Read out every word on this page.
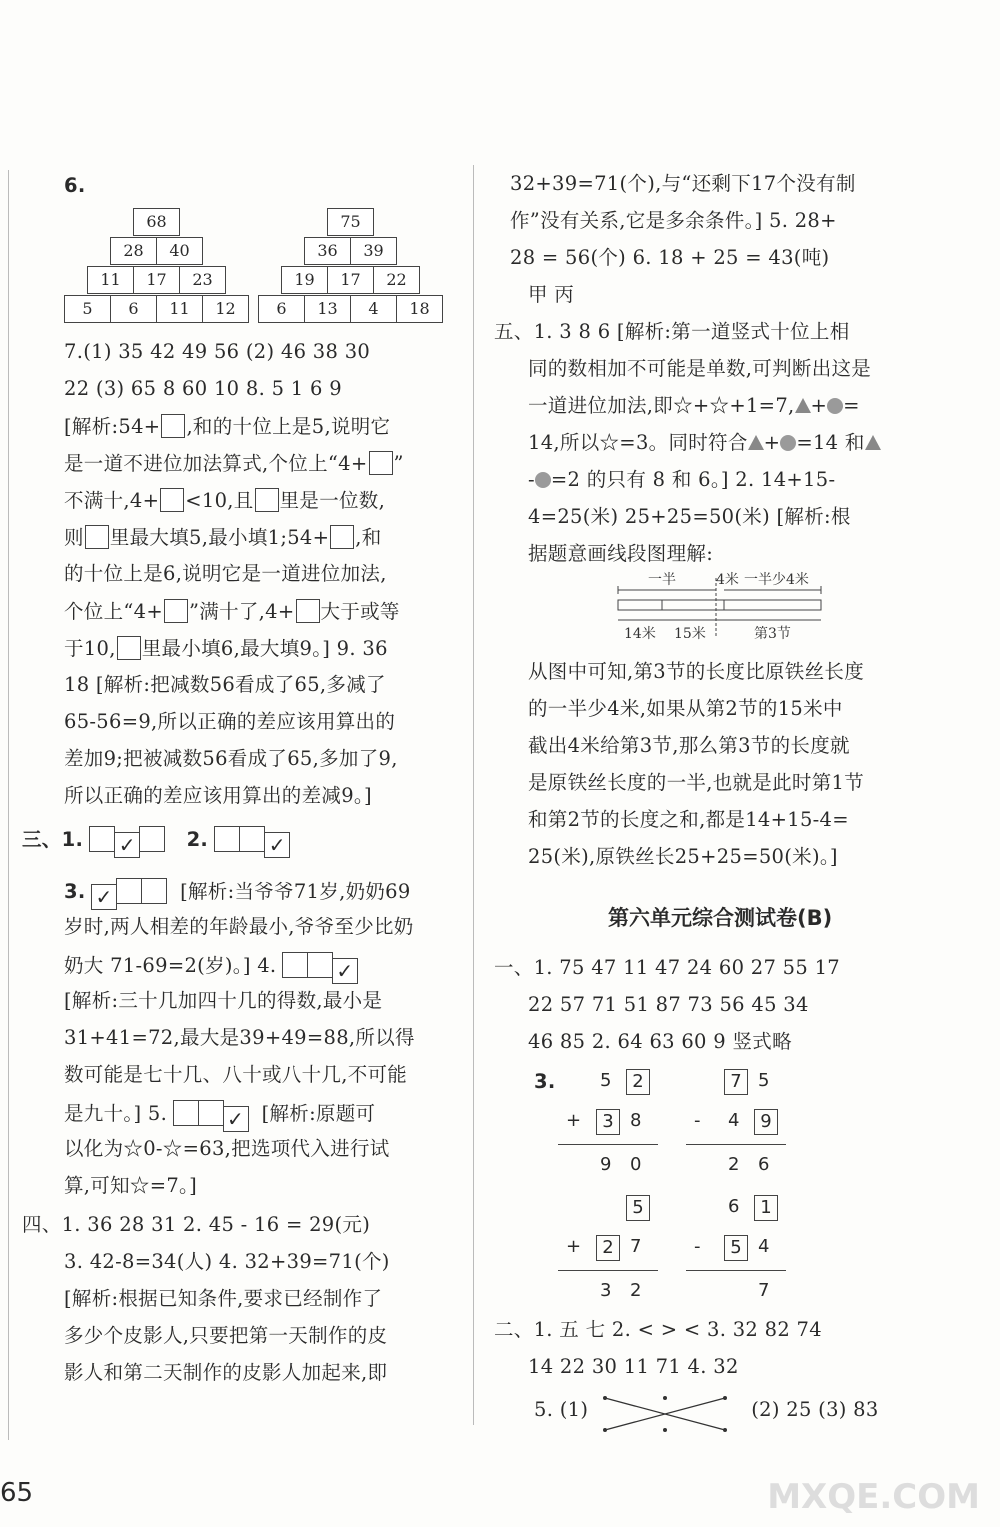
6.
68
28	40
11	17	23
5	6	11	12
75
36	39
19	17	22
6	13	4	18
7.(1) 35 42 49 56 (2) 46 38 30
22 (3) 65 8 60 10 8. 5 1 6 9
[解析:54+ ,和的十位上是5,说明它
是一道不进位加法算式,个位上“4+ ”
不满十,4+ <10,且 里是一位数,
则 里最大填5,最小填1;54+ ,和
的十位上是6,说明它是一道进位加法,
个位上“4+ ”满十了,4+ 大于或等
于10, 里最小填6,最大填9。] 9. 36
18 [解析:把减数56看成了65,多减了
65-56=9,所以正确的差应该用算出的
差加9;把被减数56看成了65,多加了9,
所以正确的差应该用算出的差减9。]
三、1. ✓	2.	✓
3. ✓	[解析:当爷爷71岁,奶奶69
岁时,两人相差的年龄最小,爷爷至少比奶
奶大 71-69=2(岁)。] 4.	✓
[解析:三十几加四十几的得数,最小是
31+41=72,最大是39+49=88,所以得
数可能是七十几、八十或八十几,不可能
是九十。] 5.	✓ [解析:原题可
以化为☆0-☆=63,把选项代入进行试
算,可知☆=7。]
四、1. 36 28 31 2. 45 - 16 = 29(元)
3. 42-8=34(人) 4. 32+39=71(个)
[解析:根据已知条件,要求已经制作了
多少个皮影人,只要把第一天制作的皮
影人和第二天制作的皮影人加起来,即
32+39=71(个),与“还剩下17个没有制
作”没有关系,它是多余条件。] 5. 28+
28 = 56(个) 6. 18 + 25 = 43(吨)
甲 丙
五、1. 3 8 6 [解析:第一道竖式十位上相
同的数相加不可能是单数,可判断出这是
一道进位加法,即☆+☆+1=7, + =
14,所以☆=3。同时符合 + =14 和
- =2 的只有 8 和 6。] 2. 14+15-
4=25(米) 25+25=50(米) [解析:根
据题意画线段图理解:
一半	4米 一半少4米
14米 15米	第3节
从图中可知,第3节的长度比原铁丝长度
的一半少4米,如果从第2节的15米中
截出4米给第3节,那么第3节的长度就
是原铁丝长度的一半,也就是此时第1节
和第2节的长度之和,都是14+15-4=
25(米),原铁丝长25+25=50(米)。]
第六单元综合测试卷(B)
一、1. 75 47 11 47 24 60 27 55 17
22 57 71 51 87 73 56 45 34
46 85 2. 64 63 60 9 竖式略
3. 5	2
+	3 8
9 0
7 5
- 4	9
2 6
5
+	2 7
3 2
6	1
-	5 4
7
二、1. 五 七 2. < > < 3. 32 82 74
14 22 30 11 71 4. 32
5. (1)	(2) 25 (3) 83
65	MXQE.COM
